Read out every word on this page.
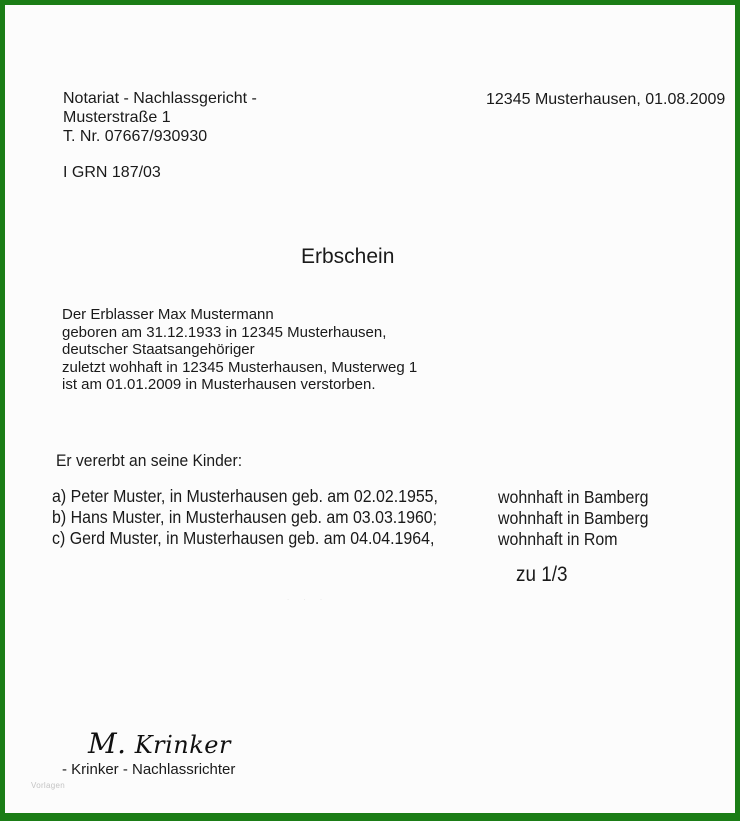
Notariat - Nachlassgericht -
Musterstraße 1
T. Nr. 07667/930930
I GRN 187/03
12345 Musterhausen, 01.08.2009
Erbschein
Der Erblasser Max Mustermann
geboren am 31.12.1933 in 12345 Musterhausen,
deutscher Staatsangehöriger
zuletzt wohhaft in 12345 Musterhausen, Musterweg 1
ist am 01.01.2009 in Musterhausen verstorben.
Er vererbt an seine Kinder:
a) Peter Muster, in Musterhausen geb. am 02.02.1955,	wohnhaft in Bamberg
b) Hans Muster, in Musterhausen geb. am 03.03.1960;	wohnhaft in Bamberg
c) Gerd Muster, in Musterhausen geb. am 04.04.1964,	wohnhaft in Rom
zu 1/3
. . .
M. Krinker
- Krinker - Nachlassrichter
Vorlagen
